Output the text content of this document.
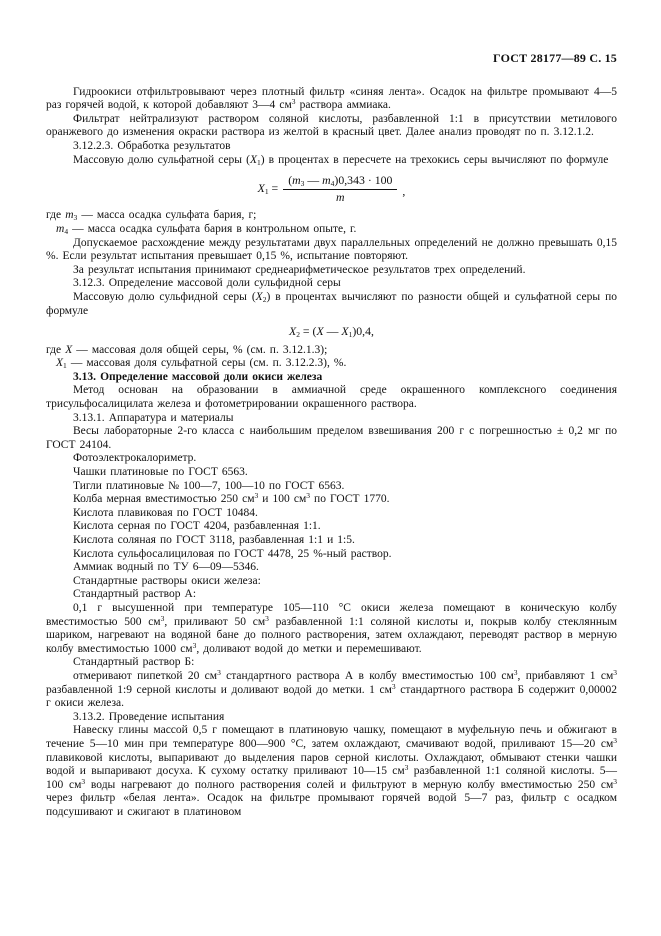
ГОСТ 28177—89 С. 15

Гидроокиси отфильтровывают через плотный фильтр «синяя лента». Осадок на фильтре промывают 4—5 раз горячей водой, к которой добавляют 3—4 $см^3$ раствора аммиака.

Фильтрат нейтрализуют раствором соляной кислоты, разбавленной 1:1 в присутствии метилового оранжевого до изменения окраски раствора из желтой в красный цвет. Далее анализ проводят по п. 3.12.1.2.

3.12.2.3. Обработка результатов

Массовую долю сульфатной серы $(X_1)$ в процентах в пересчете на трехокись серы вычисляют по формуле

$X_1 = \frac{(m_3 — m_4)0,343 \cdot 100}{m}$ ,

где $m_3$ — масса осадка сульфата бария, г;

$m_4$ — масса осадка сульфата бария в контрольном опыте, г.

Допускаемое расхождение между результатами двух параллельных определений не должно превышать 0,15 %. Если результат испытания превышает 0,15 %, испытание повторяют.

За результат испытания принимают среднеарифметическое результатов трех определений.

3.12.3. Определение массовой доли сульфидной серы

Массовую долю сульфидной серы $(X_2)$ в процентах вычисляют по разности общей и сульфатной серы по формуле

$X_2 = (X$ — $X_1)0,4$,

где X — массовая доля общей серы, % (см. п. 3.12.1.3);

$X_1$ — массовая доля сульфатной серы (см. п. 3.12.2.3), %.

3.13. Определение массовой доли окиси железа

Метод основан на образовании в аммиачной среде окрашенного комплексного соединения трисульфосалицилата железа и фотометрировании окрашенного раствора.

3.13.1. Аппаратура и материалы

Весы лабораторные 2-го класса с наибольшим пределом взвешивания 200 г с погрешностью ± 0,2 мг по ГОСТ 24104.

Фотоэлектрокалориметр.

Чашки платиновые по ГОСТ 6563.

Тигли платиновые № 100—7, 100—10 по ГОСТ 6563.

Колба мерная вместимостью 250 $см^3$ и 100 $см^3$ по ГОСТ 1770.

Кислота плавиковая по ГОСТ 10484.

Кислота серная по ГОСТ 4204, разбавленная 1:1.

Кислота соляная по ГОСТ 3118, разбавленная 1:1 и 1:5.

Кислота сульфосалициловая по ГОСТ 4478, 25 %-ный раствор.

Аммиак водный по ТУ 6—09—5346.

Стандартные растворы окиси железа:

Стандартный раствор А:

0,1 г высушенной при температуре 105—110 °С окиси железа помещают в коническую колбу вместимостью 500 $см^3$, приливают 50 $см^3$ разбавленной 1:1 соляной кислоты и, покрыв колбу стеклянным шариком, нагревают на водяной бане до полного растворения, затем охлаждают, переводят раствор в мерную колбу вместимостью 1000 $см^3$, доливают водой до метки и перемешивают.

Стандартный раствор Б:

отмеривают пипеткой 20 $см^3$ стандартного раствора А в колбу вместимостью 100 $см^3$, прибавляют 1 $см^3$ разбавленной 1:9 серной кислоты и доливают водой до метки. 1 $см^3$ стандартного раствора Б содержит 0,00002 г окиси железа.

3.13.2. Проведение испытания

Навеску глины массой 0,5 г помещают в платиновую чашку, помещают в муфельную печь и обжигают в течение 5—10 мин при температуре 800—900 °С, затем охлаждают, смачивают водой, приливают 15—20 $см^3$ плавиковой кислоты, выпаривают до выделения паров серной кислоты. Охлаждают, обмывают стенки чашки водой и выпаривают досуха. К сухому остатку приливают 10—15 $см^3$ разбавленной 1:1 соляной кислоты. 5—100 $см^3$ воды нагревают до полного растворения солей и фильтруют в мерную колбу вместимостью 250 $см^3$ через фильтр «белая лента». Осадок на фильтре промывают горячей водой 5—7 раз, фильтр с осадком подсушивают и сжигают в платиновом
